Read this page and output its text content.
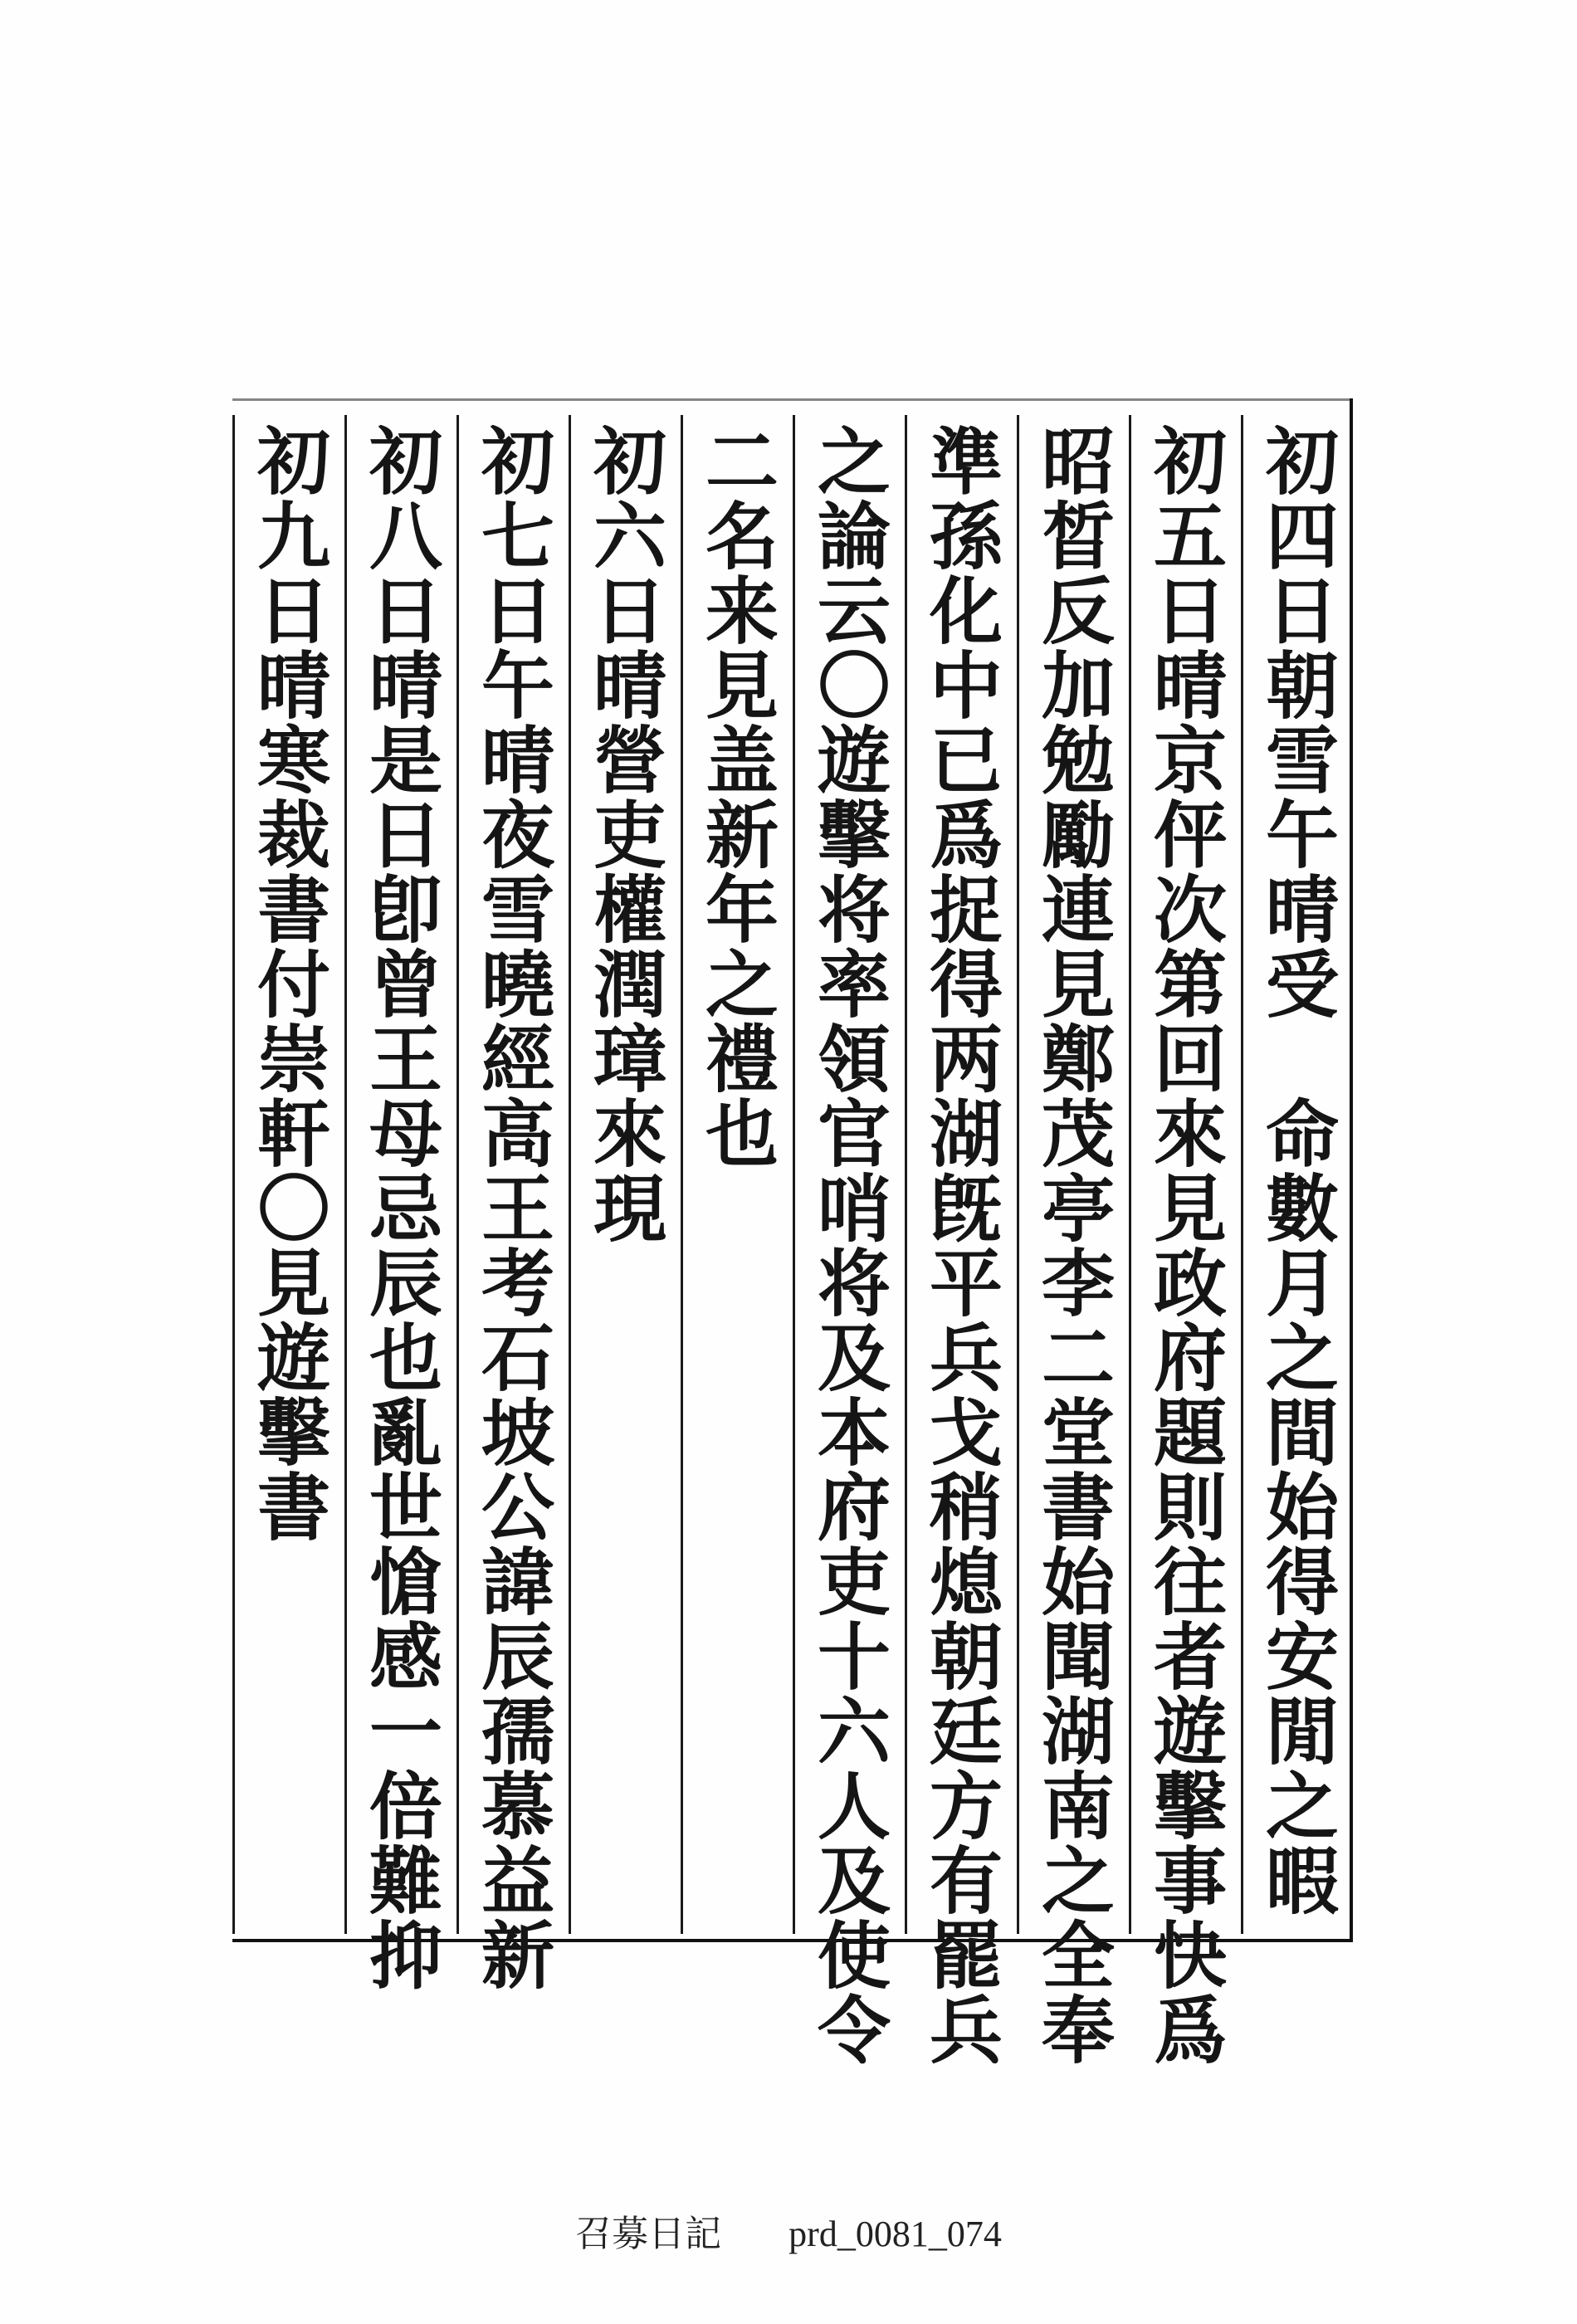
初四日朝雪午晴受　命數月之間始得安閒之暇
初五日晴京伻次第回來見政府題則往者遊擊事快爲
昭晳反加勉勵連見鄭茂亭李二堂書始聞湖南之全奉
準孫化中已爲捉得两湖旣平兵戈稍熄朝廷方有罷兵
之論云〇遊擊将率領官哨将及本府吏十六人及使令
二名来見盖新年之禮也
初六日晴營吏權潤璋來現
初七日午晴夜雪曉經高王考石坡公諱辰孺慕益新
初八日晴是日卽曾王母忌辰也亂世愴感一倍難抑
初九日晴寒裁書付崇軒〇見遊擊書
召募日記 prd_0081_074
